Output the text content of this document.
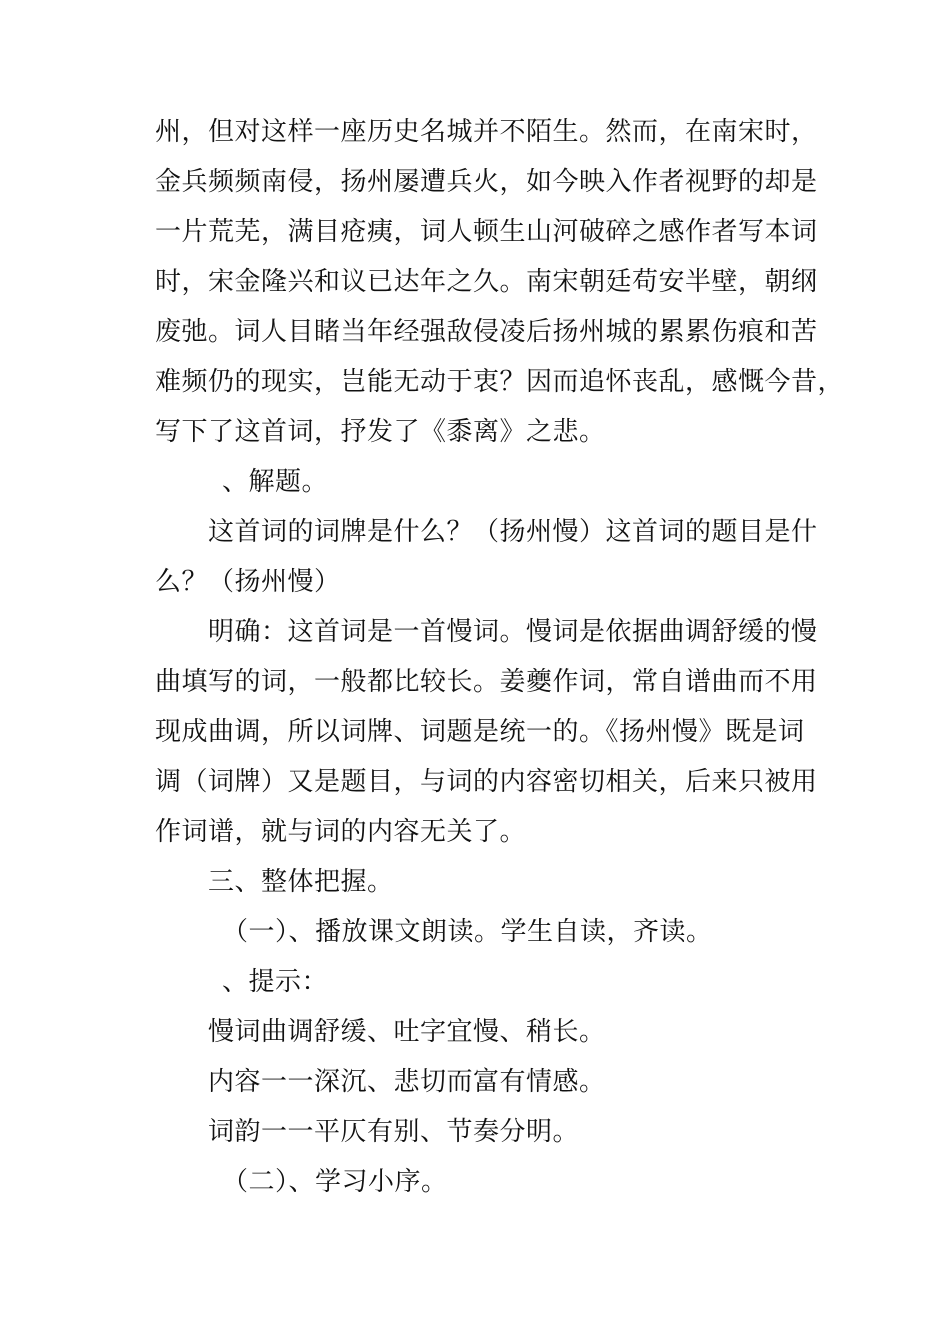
州，但对这样一座历史名城并不陌生。然而，在南宋时，
金兵频频南侵，扬州屡遭兵火，如今映入作者视野的却是
一片荒芜，满目疮痍，词人顿生山河破碎之感作者写本词
时，宋金隆兴和议已达年之久。南宋朝廷苟安半壁，朝纲
废弛。词人目睹当年经强敌侵凌后扬州城的累累伤痕和苦
难频仍的现实，岂能无动于衷？因而追怀丧乱，感慨今昔，
写下了这首词，抒发了《黍离》之悲。
、解题。
这首词的词牌是什么？（扬州慢）这首词的题目是什
么？（扬州慢）
明确：这首词是一首慢词。慢词是依据曲调舒缓的慢
曲填写的词，一般都比较长。姜夔作词，常自谱曲而不用
现成曲调，所以词牌、词题是统一的。《扬州慢》既是词
调（词牌）又是题目，与词的内容密切相关，后来只被用
作词谱，就与词的内容无关了。
三、整体把握。
（一）、播放课文朗读。学生自读，齐读。
、提示：
慢词曲调舒缓、吐字宜慢、稍长。
内容一一深沉、悲切而富有情感。
词韵一一平仄有别、节奏分明。
（二）、学习小序。
